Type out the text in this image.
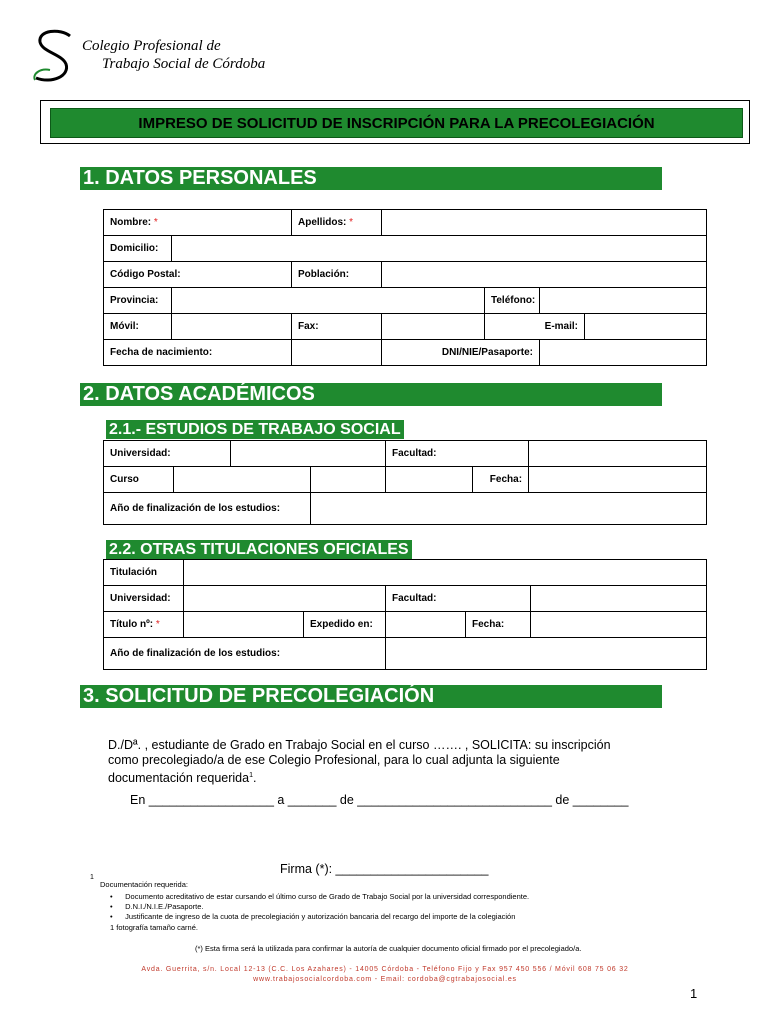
Colegio Profesional de
Trabajo Social de Córdoba
IMPRESO DE SOLICITUD DE INSCRIPCIÓN PARA LA PRECOLEGIACIÓN
1. DATOS PERSONALES
Nombre: *		Apellidos: *				
Domicilio:						
Código Postal:		Población:				
Provincia:				Teléfono:		
Móvil:		Fax:		E-mail:		
Fecha de nacimiento:			DNI/NIE/Pasaporte:			
2. DATOS ACADÉMICOS
2.1.- ESTUDIOS DE TRABAJO SOCIAL
Universidad:				Facultad:		
Curso					Fecha:	
Año de finalización de los estudios:						
2.2. OTRAS TITULACIONES OFICIALES
Titulación					
Universidad:			Facultad:		
Título nº: *		Expedido en:		Fecha:	
Año de finalización de los estudios:					
3. SOLICITUD DE PRECOLEGIACIÓN
D./Dª. , estudiante de Grado en Trabajo Social en el curso ……. , SOLICITA: su inscripción como precolegiado/a de ese Colegio Profesional, para lo cual adjunta la siguiente documentación requerida$^1$.
En __________________ a _______ de ____________________________ de ________
Firma (*): ______________________
1
Documentación requerida:
•      Documento acreditativo de estar cursando el último curso de Grado de Trabajo Social por la universidad correspondiente.
•      D.N.I./N.I.E./Pasaporte.
•      Justificante de ingreso de la cuota de precolegiación y autorización bancaria del recargo del importe de la colegiación
1 fotografía tamaño carné.
(*) Esta firma será la utilizada para confirmar la autoría de cualquier documento oficial firmado por el precolegiado/a.
Avda. Guerrita, s/n. Local 12-13 (C.C. Los Azahares) - 14005 Córdoba - Teléfono Fijo y Fax 957 450 556 / Móvil 608 75 06 32
www.trabajosocialcordoba.com - Email: cordoba@cgtrabajosocial.es
1
